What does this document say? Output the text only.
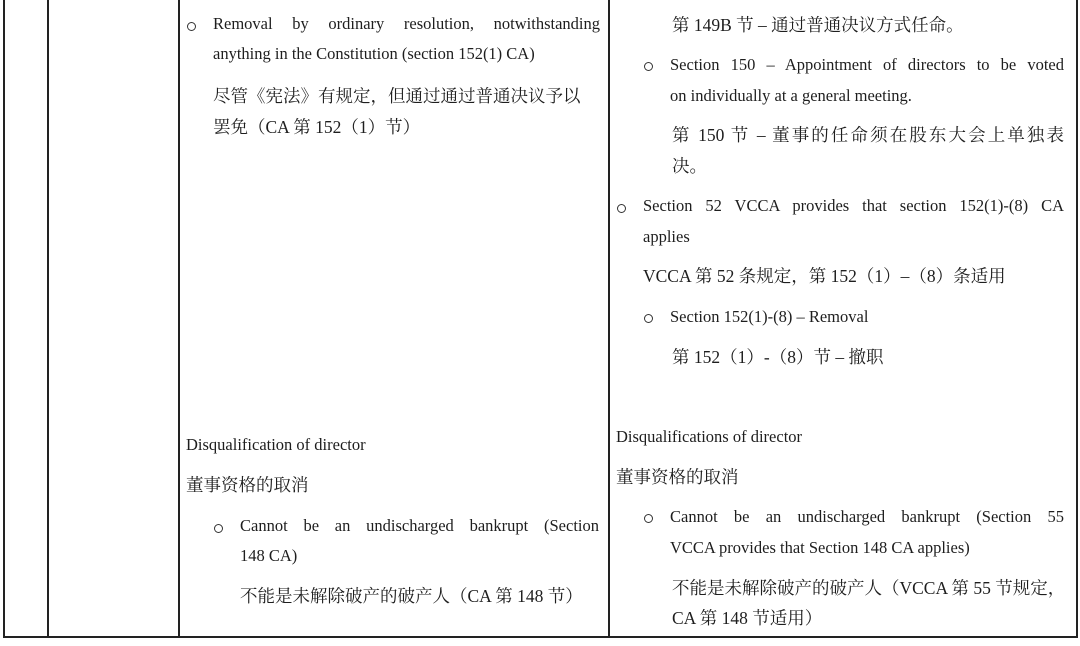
Removal by ordinary resolution, notwithstanding
anything in the Constitution (section 152(1) CA)
尽管《宪法》有规定，但通过通过普通决议予以
罢免（CA 第 152（1）节）
Disqualification of director
董事资格的取消
Cannot be an undischarged bankrupt (Section
148 CA)
不能是未解除破产的破产人（CA 第 148 节）
第 149B 节 – 通过普通决议方式任命。
Section 150 – Appointment of directors to be voted
on individually at a general meeting.
第 150 节 – 董事的任命须在股东大会上单独表
决。
Section 52 VCCA provides that section 152(1)-(8) CA
applies
VCCA 第 52 条规定，第 152（1）–（8）条适用
Section 152(1)-(8) – Removal
第 152（1）-（8）节 – 撤职
Disqualifications of director
董事资格的取消
Cannot be an undischarged bankrupt (Section 55
VCCA provides that Section 148 CA applies)
不能是未解除破产的破产人（VCCA 第 55 节规定，
CA 第 148 节适用）
